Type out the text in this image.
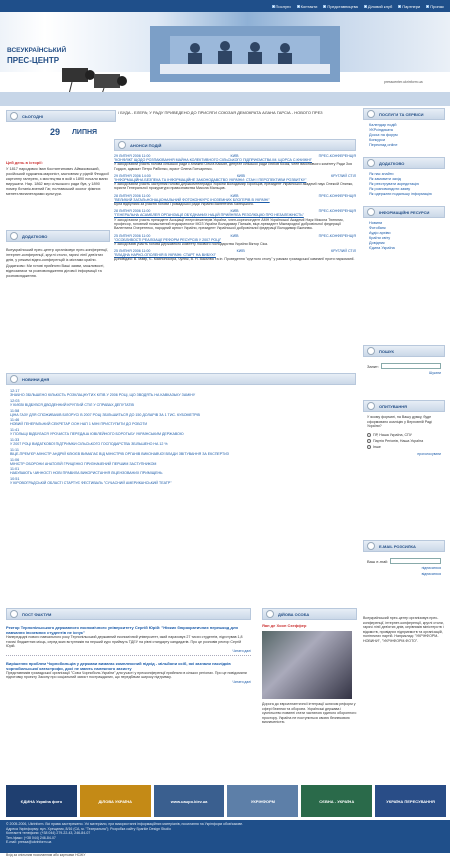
Послуги	Контакти	Представництва	Діловий клуб	Партнери	Пронас
ВСЕУКРАЇНСЬКИЙ
ПРЕС-ЦЕНТР
presscenter.ukrinform.ua
СЬОГОДНІ
29 ЛИПНЯ
/ БУДА - ЕЛЕРА; У РАДУ ПРИВЕДЕНО ДО ПРИСЯГИ СОЮЗАЯ ДЕМОКРАТА АЛАНА ГАРСІА - НОВОГО ПРЕЗ
Цей день в історії:
У 1817 народився Іван Костянтинович Айвазовський, російський художник-мариніст, засновник у рідній Феодосії картинну галерею, з мистецтва в якій з 1890 почали мапи вирушати. Нар. 1862 мер сільського ради був, у 1890 помер ботанік-вчений Гаг, полтавський зоолог фімних менетхлюпанетарами культури.
ДОДАТКОВО
Всеукраїнський прес-центр організовує прес-конференції, інтернет-конференції, круглі столи, гарячі лінії дев'ятих днів, у режимі відео-конференцій із містами країни. Додатково: Ми готові прийняти Ваші заяви, можливості, відеозаписи та розповсюдження ділової інформації та розповсюдження.
АНОНСИ ПОДІЙ
29 ЛИПНЯ 2006 11:00	КИЇВ	ПРЕС-КОНФЕРЕНЦІЯ
"КОНФЛІКТ ЩОДО РОЗПАЮВАННЯ МАЙНА КОЛЕКТИВНОГО СІЛЬСЬКОГО ПІДПРИЄМСТВА ІМ. ЩОРСА С.КНИЖНІ"
У заході взяли участь голова сільської ради с.Книжни Ольга Касьян, депутат сільської ради Любов Козак, член виконавчого комітету Ради Зоя Гордон, адвокат Петро Рабієнко, юрист Олена Гончаренко.
29 ЛИПНЯ 2006 14:00	КИЇВ	КРУГЛИЙ СТІЛ
"ІНФОРМАЦІЙНА БЕЗПЕКА ТА ІНФОРМАЦІЙНЕ ЗАКОНОДАВСТВО УКРАЇНИ: СТАН І ПЕРСПЕКТИВИ РОЗВИТКУ"
У заході взяли участь заступник голови Держкомтелерадіо України Володимир Горобцов, президент Української академії наук Олексій Онипко, юристи Генеральної прокуратури правознавства Микола Мальцов.
28 ЛИПНЯ 2006 11:00	КИЇВ	ПРЕС-КОНФЕРЕНЦІЯ
"ВЕЛИКИЙ ЗАГАЛЬНОНАЦІОНАЛЬНИЙ ФОТОКОНКУРС ІНОЗЕМНИХ БЛОГЕРІВ В УКРАЇНІ"
Була відбулися за участю голови Громадської ради України Валентина Халецького.
28 ЛИПНЯ 2006 11:00	КИЇВ	ПРЕС-КОНФЕРЕНЦІЯ
"ГЕНЕРАЛЬНА АСАМБЛЕЯ ОРГАНІЗАЦІЇ ОБ'ЄДНАНИХ НАЦІЙ ПРИЙНЯЛА РЕЗОЛЮЦІЮ ПРО НЕЗАЛЕЖНІСТЬ"
У заході взяли участь президент Асоціації енергоінженерів України, член-кореспондент АМН Української Академії Наук Микола Тютюник, професор, головний позаштатний ендокринолог МОЗ України Володимир Панькiв, віце-президент Міжнародної добровільної федерації Валентина Очеретенко, народний артист України, президент Української добровільної федерації Володимир Бжезнюк.
25 ЛИПНЯ 2006 11:00	КИЇВ	ПРЕС-КОНФЕРЕНЦІЯ
"ОСОБЛИВОСТІ РЕАЛІЗАЦІЇ РЕФОРМ РЕСУРСІВ У 2007 РОЦІ"
У заході взяв участь голова Державного комітету лісового господарства України Віктор Сіка.
25 ЛИПНЯ 2006 11:00	КИЇВ	КРУГЛИЙ СТІЛ
"ВЛАДНА НАРКО-ОПОЛЕНІЯ В УКРАЇНІ: СТАРТ НА ВИБУХІ"
Доповідачі: В. Мавр, Є. Махноносєра, Чулюк, В. Н. Вакалюк та ін. Проведення "круглого столу" у рамках громадської кампанії проти наркоманії.
ПОСЛУГИ ТА СЕРВІСИ
Календар подій
УКРсіндиката
Досьє на форум
Конкурси
Переклад online
ДОДАТКОВО
Як нас знайти
Як замовити захід
Як реєструвати акредитацію
Як розповсюдити заяву
Як одержати подальшу інформацію
ІНФОРМАЦІЙНІ РЕСУРСИ
Новини
Фотобанк
Аудіо архіви
Країни світу
Довідник
Єдина Україна
ПОШУК
Запит:
Шукати
ОПИТУВАННЯ
У якому форматі, на Вашу думку, буде сформовано коаліцію у Верховній Раді України?
ПР, Наша Україна, СПУ
Партія Регіонів, Наша Україна
Інше
проголосувати
E-MAIL РОЗСИЛКА
Ваш e-mail:
підписатися
відписатися
НОВИНИ ДНЯ
12:17
ЗНАЧНО ЗБІЛЬШЕНО КІЛЬКІСТЬ РОЗКЛАЦНУТИХ КІТІВ У 2006 РОЦІ, ЩО ЗВОДЯТЬ НА КАВКАЗЬКУ ЗАМІНУ
12:03
У КИЄВІ ВІДБУВСЯ ДВОДЕННИЙ КРУГЛИЙ СТІЛ У СПРАВАХ ДЕПУТАТІВ
11:58
ЦІНА ГАЗУ ДЛЯ СПОЖИВАЧІВ БІЛОРУСІ В 2007 РОЦІ ЗБІЛЬШИТЬСЯ ДО 150 ДОЛАРІВ ЗА 1 ТИС. КУБОМЕТРІВ
11:46
НОВИЙ ГЕНЕРАЛЬНИЙ СЕКРЕТАР ООН НАП 1 МІНІ ПРИСТУПИТИ ДО РОБОТИ
11:41
У ПОЛЬЩІ ВІДБУЛАСЯ УРОЧИСТА ПЕРЕДАЧА ЮВІЛЕЙНОГО БОРОТЬБУ УКРАЇНСЬКИМ ДЕРЖАВОЮ
11:33
У 2007 РОЦІ ВИДАТКОВОЇ ПІДТРИМКИ СІЛЬСЬКОГО ГОСПОДАРСТВА ЗБІЛЬШЕНО НА 12 %
11:11
ВІЦЕ-ПРЕМ'ЄР-МІНІСТР АНДРІЙ КЛЮЄВ ВИМАГАЄ ВІД МІНІСТРІВ ОРГАНІВ ВИКОНАВЧОЇ ВЛАДИ ЗВІТУВАННЯ ЗА ЕКСПЕРТИЗ
11:06
МІНІСТР ОБОРОНИ АНАТОЛІЙ ГРИЦЕНКО ПРИЗНАЧЕНИЙ ПЕРШИМ ЗАСТУПНИКОМ
11:01
НАБУВАЮТЬ ЧИННОСТІ НОВІ ПРАВИЛА ВИКОРИСТАННЯ ЛІЦЕНЗОВАНИХ ПРИМІЩЕНЬ
10:51
У КІРОВОГРАДСЬКІЙ ОБЛАСТІ СТАРТУЄ ФЕСТИВАЛЬ "СУЧАСНИЙ АМЕРИКАНСЬКИЙ ТЕАТР"
ПОСТ ФАКТУМ
Ректор Тернопільського державного економічного університету Сергій Юрій: "Ніяких бюрократичних перешкод для навчання іноземних студентів не існує"
Напередодні нового навчального року Тернопільський державний економічний університет, який нараховує 27 тисяч студентів, підготував 1,8 тисячі бюджетних місць, серед яких вступників на перший курс приймуть ТДЕУ на рівні стандарту кандидатів. Про це розповів ректор Сергій Юрій.
Читати далі
Вирішення проблем Чорнобильців у держави вимагає комплексний підхід - мільйони осіб, які зазнали наслідків чорнобильської катастрофи, досі не мають належного захисту
Представників громадської організації "Союз Чорнобиль України" для участі у пресконференції прийняли в кількох регіонах. Про це повідомили підготовку проекту Закону про соціальний захист постраждалих, що передбачає широку підтримку.
Читати далі
ДІЙОВА ОСОБА
Яап де Хооп Схеффер
Дорога до євроатлантичної інтеграції шляхом реформ у сфері безпеки та оборони. Українські держава і суспільство повинні стати частиною єдиного оборонного простору. Україна не поступиться своєю безпековою визначеністю.
Всеукраїнський прес-центр організовує прес-конференції, інтернет-конференції, круглі столи, гарячі лінії дев'ятих днів, керівників міністерств і відомств, провідних підприємств та організацій, політичних партій. Наприклад: "УКРІНФОРМ-НОВИНИ", "УКРІНФОРМ-ФОТО".
ЄДИНА Україна фото	ДІЛОВА УКРАЇНА	www.uaupo.kiev.ua	УКРІНФОРМ	СЄВНА - УКРАЇНА	УКРАЇНА ПЕРЕСУВАННЯ
© 2005-2006, Ukrinform. Всі права застережено. Усі матеріали, при використанні інформаційних матеріалів, посилання на Укрінформ обов'язкове.
Адреса Укрінформу: вул. Хрещатик, 8/16 (СА, м. "Театральна"); Розробка сайту Sparkle Design Studio
Контактні телефони: (+38 044) 279-22-43, 246-84-07
Тел./факс: (+38 044) 246-84-07
E-mail: pressa@ukrinform.ua
Вхід за спільним посиланням або картками НСЖУ
